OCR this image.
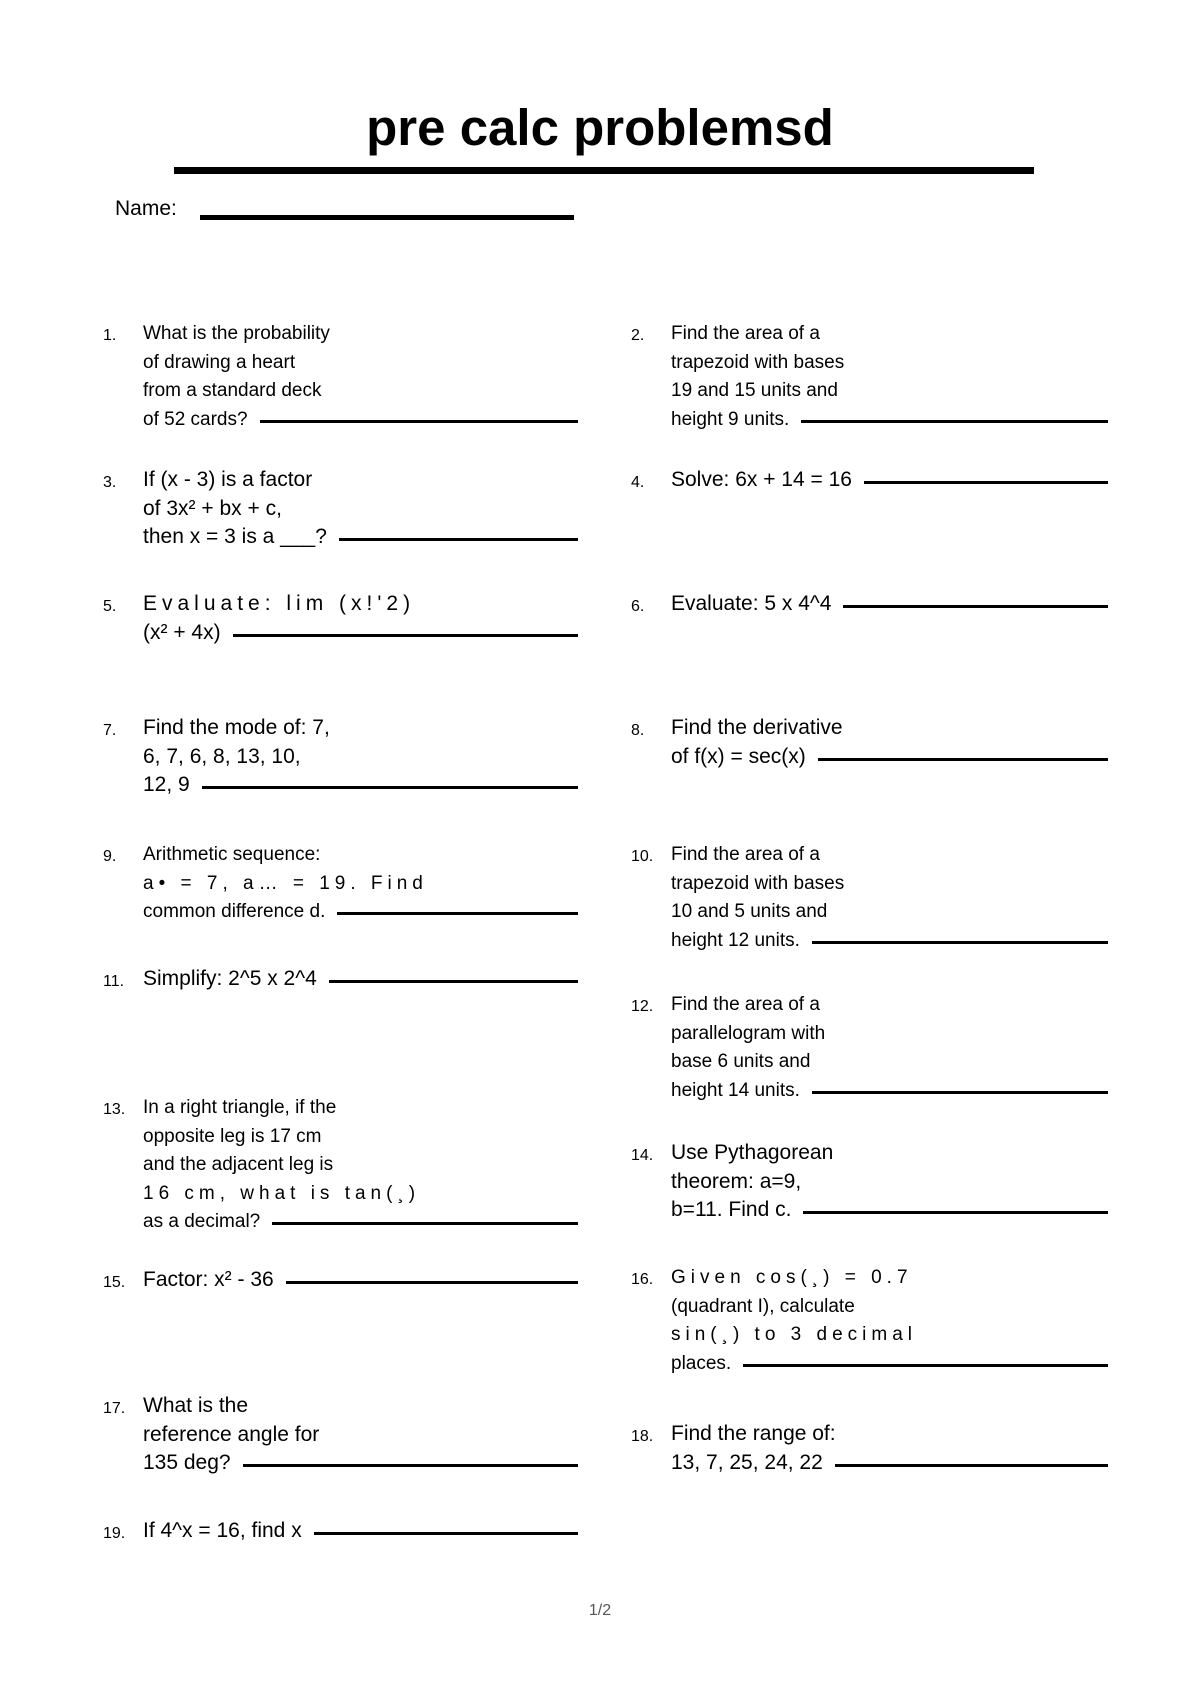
pre calc problemsd
Name:
1. What is the probability
of drawing a heart
from a standard deck
of 52 cards?
2. Find the area of a
trapezoid with bases
19 and 15 units and
height 9 units.
3. If (x - 3) is a factor
of 3x² + bx + c,
then x = 3 is a ___?
4. Solve: 6x + 14 = 16
5. Evaluate: lim (x!'2)
(x² + 4x)
6. Evaluate: 5 x 4^4
7. Find the mode of: 7,
6, 7, 6, 8, 13, 10,
12, 9
8. Find the derivative
of f(x) = sec(x)
9. Arithmetic sequence:
a• = 7, a… = 19. Find
common difference d.
10. Find the area of a
trapezoid with bases
10 and 5 units and
height 12 units.
11. Simplify: 2^5 x 2^4
12. Find the area of a
parallelogram with
base 6 units and
height 14 units.
13. In a right triangle, if the
opposite leg is 17 cm
and the adjacent leg is
16 cm, what is tan(¸)
as a decimal?
14. Use Pythagorean
theorem: a=9,
b=11. Find c.
15. Factor: x² - 36	16. Given cos(¸) = 0.7
(quadrant I), calculate
sin(¸) to 3 decimal
places.
17. What is the
reference angle for
135 deg?
18. Find the range of:
13, 7, 25, 24, 22
19. If 4^x = 16, find x
1/2
